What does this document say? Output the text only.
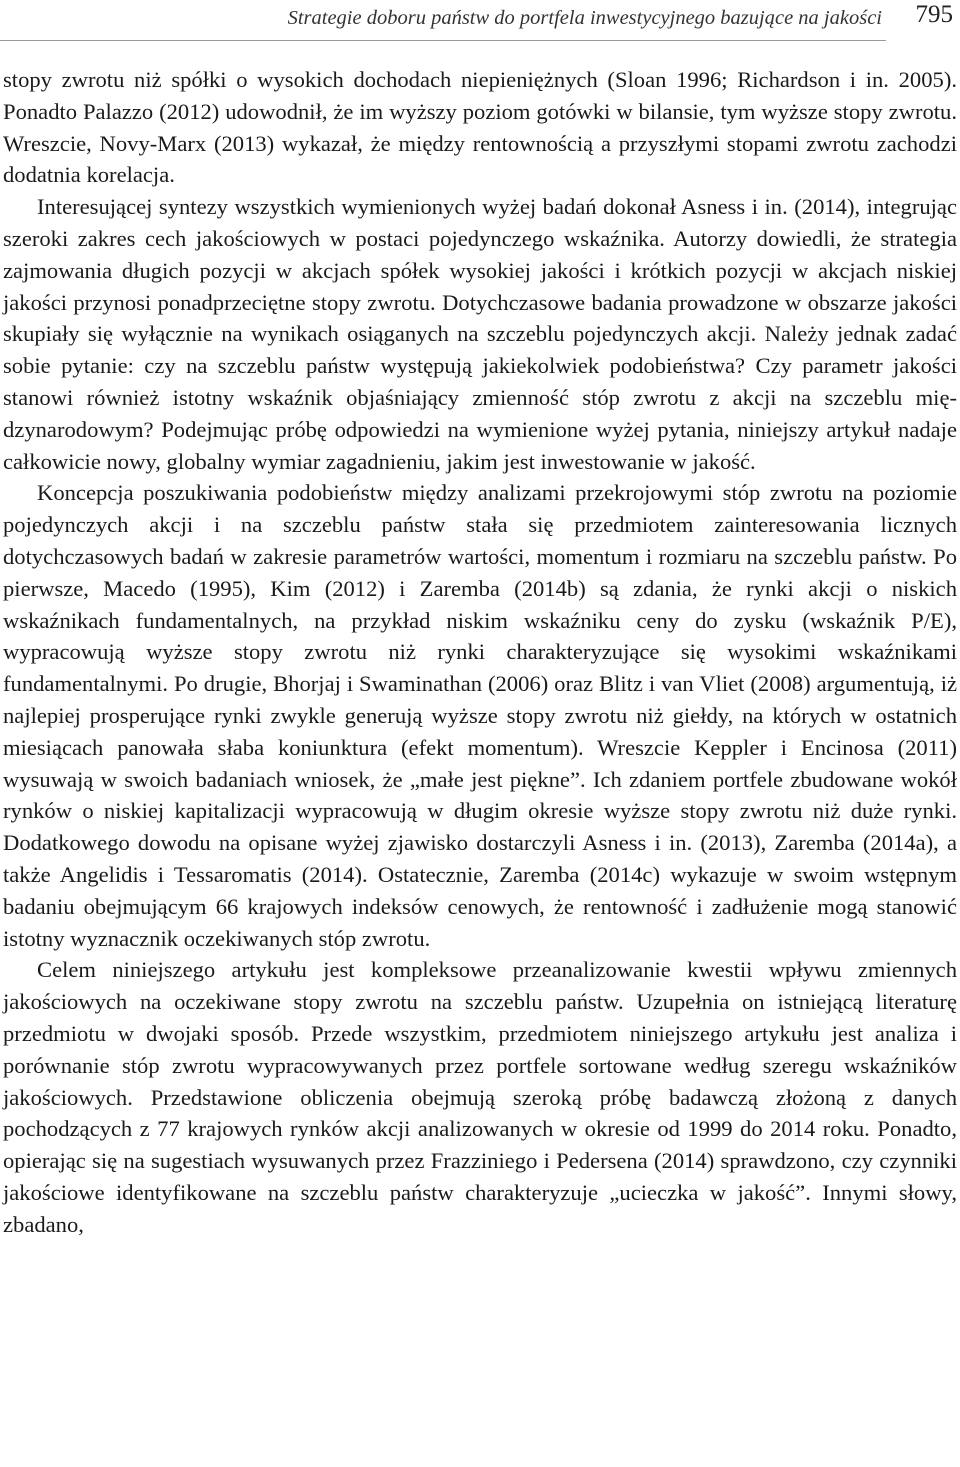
Strategie doboru państw do portfela inwestycyjnego bazujące na jakości 795

stopy zwrotu niż spółki o wysokich dochodach niepieniężnych (Sloan 1996; Richardson i in. 2005). Ponadto Palazzo (2012) udowodnił, że im wyższy poziom gotówki w bilansie, tym wyższe stopy zwrotu. Wreszcie, Novy-Marx (2013) wykazał, że między rentownością a przyszłymi stopami zwrotu zachodzi dodatnia korelacja.

Interesującej syntezy wszystkich wymienionych wyżej badań dokonał Asness i in. (2014), integrując szeroki zakres cech jakościowych w postaci pojedynczego wskaźnika. Autorzy dowiedli, że strategia zajmowania długich pozycji w akcjach spółek wysokiej jakości i krótkich pozycji w akcjach niskiej jakości przynosi ponadprzeciętne stopy zwrotu. Dotychczasowe badania prowadzone w obszarze jakości skupiały się wyłącznie na wynikach osiąganych na szczeblu pojedynczych akcji. Należy jednak zadać sobie pytanie: czy na szczeblu państw występują jakiekolwiek podobieństwa? Czy parametr jakości stanowi również istotny wskaźnik objaśniający zmienność stóp zwrotu z akcji na szczeblu międzynarodowym? Podejmując próbę odpowiedzi na wymienione wyżej pytania, niniejszy artykuł nadaje całkowicie nowy, globalny wymiar zagadnieniu, jakim jest inwestowanie w jakość.

Koncepcja poszukiwania podobieństw między analizami przekrojowymi stóp zwrotu na poziomie pojedynczych akcji i na szczeblu państw stała się przedmiotem zainteresowania licznych dotychczasowych badań w zakresie parametrów wartości, momentum i rozmiaru na szczeblu państw. Po pierwsze, Macedo (1995), Kim (2012) i Zaremba (2014b) są zdania, że rynki akcji o niskich wskaźnikach fundamentalnych, na przykład niskim wskaźniku ceny do zysku (wskaźnik P/E), wypracowują wyższe stopy zwrotu niż rynki charakteryzujące się wysokimi wskaźnikami fundamentalnymi. Po drugie, Bhorjaj i Swaminathan (2006) oraz Blitz i van Vliet (2008) argumentują, iż najlepiej prosperujące rynki zwykle generują wyższe stopy zwrotu niż giełdy, na których w ostatnich miesiącach panowała słaba koniunktura (efekt momentum). Wreszcie Keppler i Encinosa (2011) wysuwają w swoich badaniach wniosek, że „małe jest piękne”. Ich zdaniem portfele zbudowane wokół rynków o niskiej kapitalizacji wypracowują w długim okresie wyższe stopy zwrotu niż duże rynki. Dodatkowego dowodu na opisane wyżej zjawisko dostarczyli Asness i in. (2013), Zaremba (2014a), a także Angelidis i Tessaromatis (2014). Ostatecznie, Zaremba (2014c) wykazuje w swoim wstępnym badaniu obejmującym 66 krajowych indeksów cenowych, że rentowność i zadłużenie mogą stanowić istotny wyznacznik oczekiwanych stóp zwrotu.

Celem niniejszego artykułu jest kompleksowe przeanalizowanie kwestii wpływu zmiennych jakościowych na oczekiwane stopy zwrotu na szczeblu państw. Uzupełnia on istniejącą literaturę przedmiotu w dwojaki sposób. Przede wszystkim, przedmiotem niniejszego artykułu jest analiza i porównanie stóp zwrotu wypracowywanych przez portfele sortowane według szeregu wskaźników jakościowych. Przedstawione obliczenia obejmują szeroką próbę badawczą złożoną z danych pochodzących z 77 krajowych rynków akcji analizowanych w okresie od 1999 do 2014 roku. Ponadto, opierając się na sugestiach wysuwanych przez Frazziniego i Pedersena (2014) sprawdzono, czy czynniki jakościowe identyfikowane na szczeblu państw charakteryzuje „ucieczka w jakość”. Innymi słowy, zbadano,
